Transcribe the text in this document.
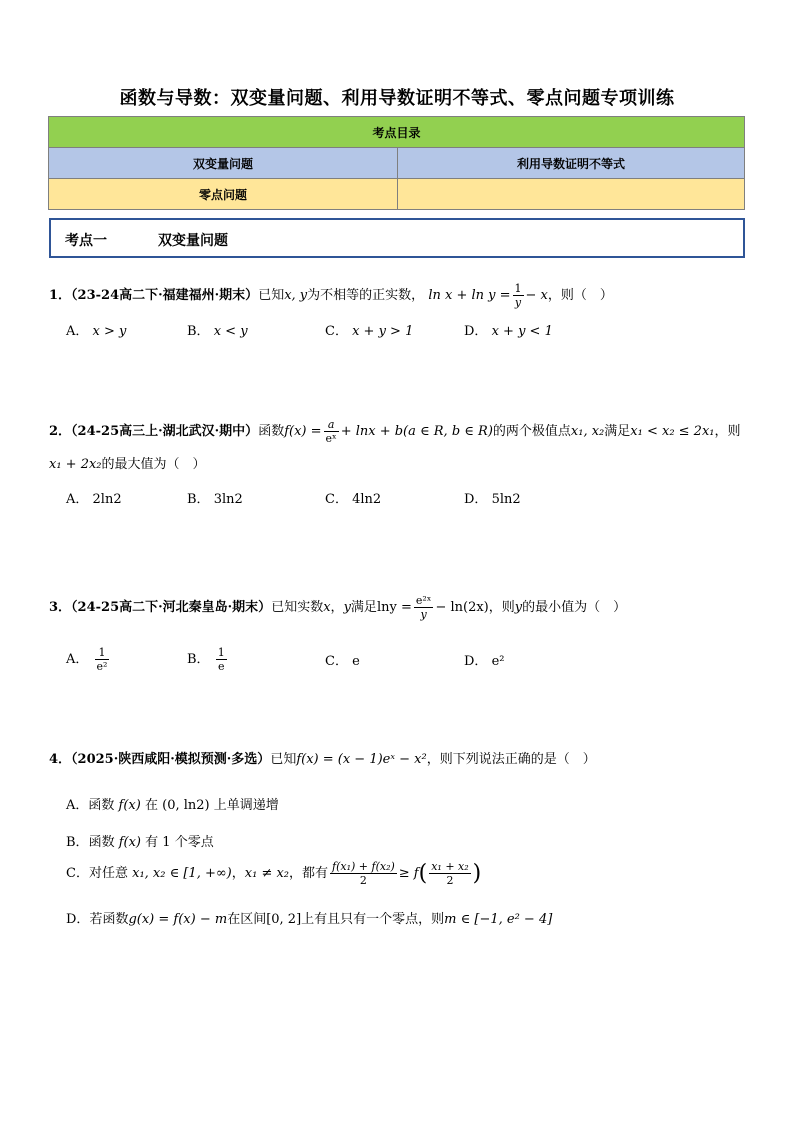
函数与导数：双变量问题、利用导数证明不等式、零点问题专项训练
考点目录	
双变量问题	利用导数证明不等式
零点问题	
考点一	双变量问题
1．（23-24高二下·福建福州·期末）已知x, y为不相等的正实数， $\ln x + \ln y = \frac{1}{y} - x$，则（　）
A． x > y	B． x < y	C． x + y > 1	D． x + y < 1
2．（24-25高三上·湖北武汉·期中）函数$f(x) = \frac{a}{\text{eˣ}} + \ln x + b(a$ ∈ R, b ∈ R)的两个极值点x₁, x₂满足x₁ < x₂ ≤ 2x₁，则
x₁ + 2x₂的最大值为（　）
A． 2ln2	B． 3ln2	C． 4ln2	D． 5ln2
3．（24-25高二下·河北秦皇岛·期末）已知实数x，y满足$\ln y = \frac{\text{e²ˣ}}{y} - \ln(2x)$，则y的最小值为（　）
A． $\frac{1}{\text{e²}}$	B． $\frac{1}{e}$	C． e	D． e²
4．（2025·陕西咸阳·模拟预测·多选）已知f(x) = (x − 1)eˣ − x²，则下列说法正确的是（　）
A．函数 f(x) 在 (0, ln2) 上单调递增
B．函数 f(x) 有 1 个零点
C．对任意 x₁, x₂ ∈ [1, +∞)，x₁ ≠ x₂，都有 $\frac{\text{f(x₁) + f(x₂)}}{2} \ge f( \frac{\text{x₁ + x₂}}{2}$ )
D．若函数g(x) = f(x) − m在区间[0, 2]上有且只有一个零点，则m ∈ [−1, e² − 4]
